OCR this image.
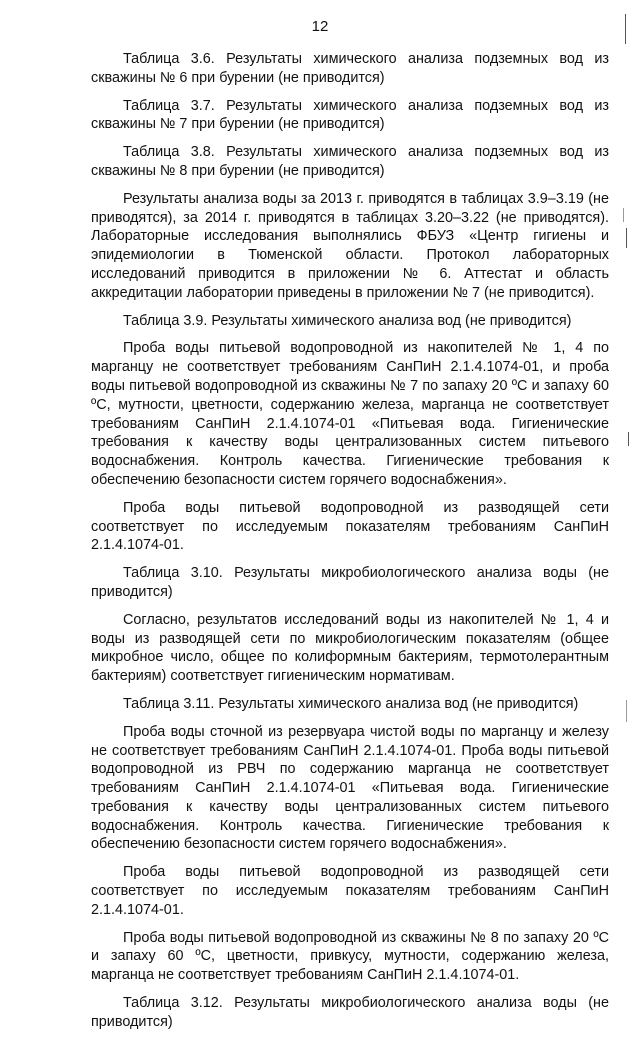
12

Таблица 3.6. Результаты химического анализа подземных вод из скважины № 6 при бурении (не приводится)

Таблица 3.7. Результаты химического анализа подземных вод из скважины № 7 при бурении (не приводится)

Таблица 3.8. Результаты химического анализа подземных вод из скважины № 8 при бурении (не приводится)

Результаты анализа воды за 2013 г. приводятся в таблицах 3.9–3.19 (не приводятся), за 2014 г. приводятся в таблицах 3.20–3.22 (не приводятся). Лабораторные исследования выполнялись ФБУЗ «Центр гигиены и эпидемиологии в Тюменской области. Протокол лабораторных исследований приводится в приложении № 6. Аттестат и область аккредитации лаборатории приведены в приложении № 7 (не приводится).

Таблица 3.9. Результаты химического анализа вод (не приводится)

Проба воды питьевой водопроводной из накопителей № 1, 4 по марганцу не соответствует требованиям СанПиН 2.1.4.1074-01, и проба воды питьевой водопроводной из скважины № 7 по запаху 20 ºС и запаху 60 ºС, мутности, цветности, содержанию железа, марганца не соответствует требованиям СанПиН 2.1.4.1074-01 «Питьевая вода. Гигиенические требования к качеству воды централизованных систем питьевого водоснабжения. Контроль качества. Гигиенические требования к обеспечению безопасности систем горячего водоснабжения».

Проба воды питьевой водопроводной из разводящей сети соответствует по исследуемым показателям требованиям СанПиН 2.1.4.1074-01.

Таблица 3.10. Результаты микробиологического анализа воды (не приводится)

Согласно, результатов исследований воды из накопителей № 1, 4 и воды из разводящей сети по микробиологическим показателям (общее микробное число, общее по колиформным бактериям, термотолерантным бактериям) соответствует гигиеническим нормативам.

Таблица 3.11. Результаты химического анализа вод (не приводится)

Проба воды сточной из резервуара чистой воды по марганцу и железу не соответствует требованиям СанПиН 2.1.4.1074-01. Проба воды питьевой водопроводной из РВЧ по содержанию марганца не соответствует требованиям СанПиН 2.1.4.1074-01 «Питьевая вода. Гигиенические требования к качеству воды централизованных систем питьевого водоснабжения. Контроль качества. Гигиенические требования к обеспечению безопасности систем горячего водоснабжения».

Проба воды питьевой водопроводной из разводящей сети соответствует по исследуемым показателям требованиям СанПиН 2.1.4.1074-01.

Проба воды питьевой водопроводной из скважины № 8 по запаху 20 ºС и запаху 60 ºС, цветности, привкусу, мутности, содержанию железа, марганца не соответствует требованиям СанПиН 2.1.4.1074-01.

Таблица 3.12. Результаты микробиологического анализа воды (не приводится)
